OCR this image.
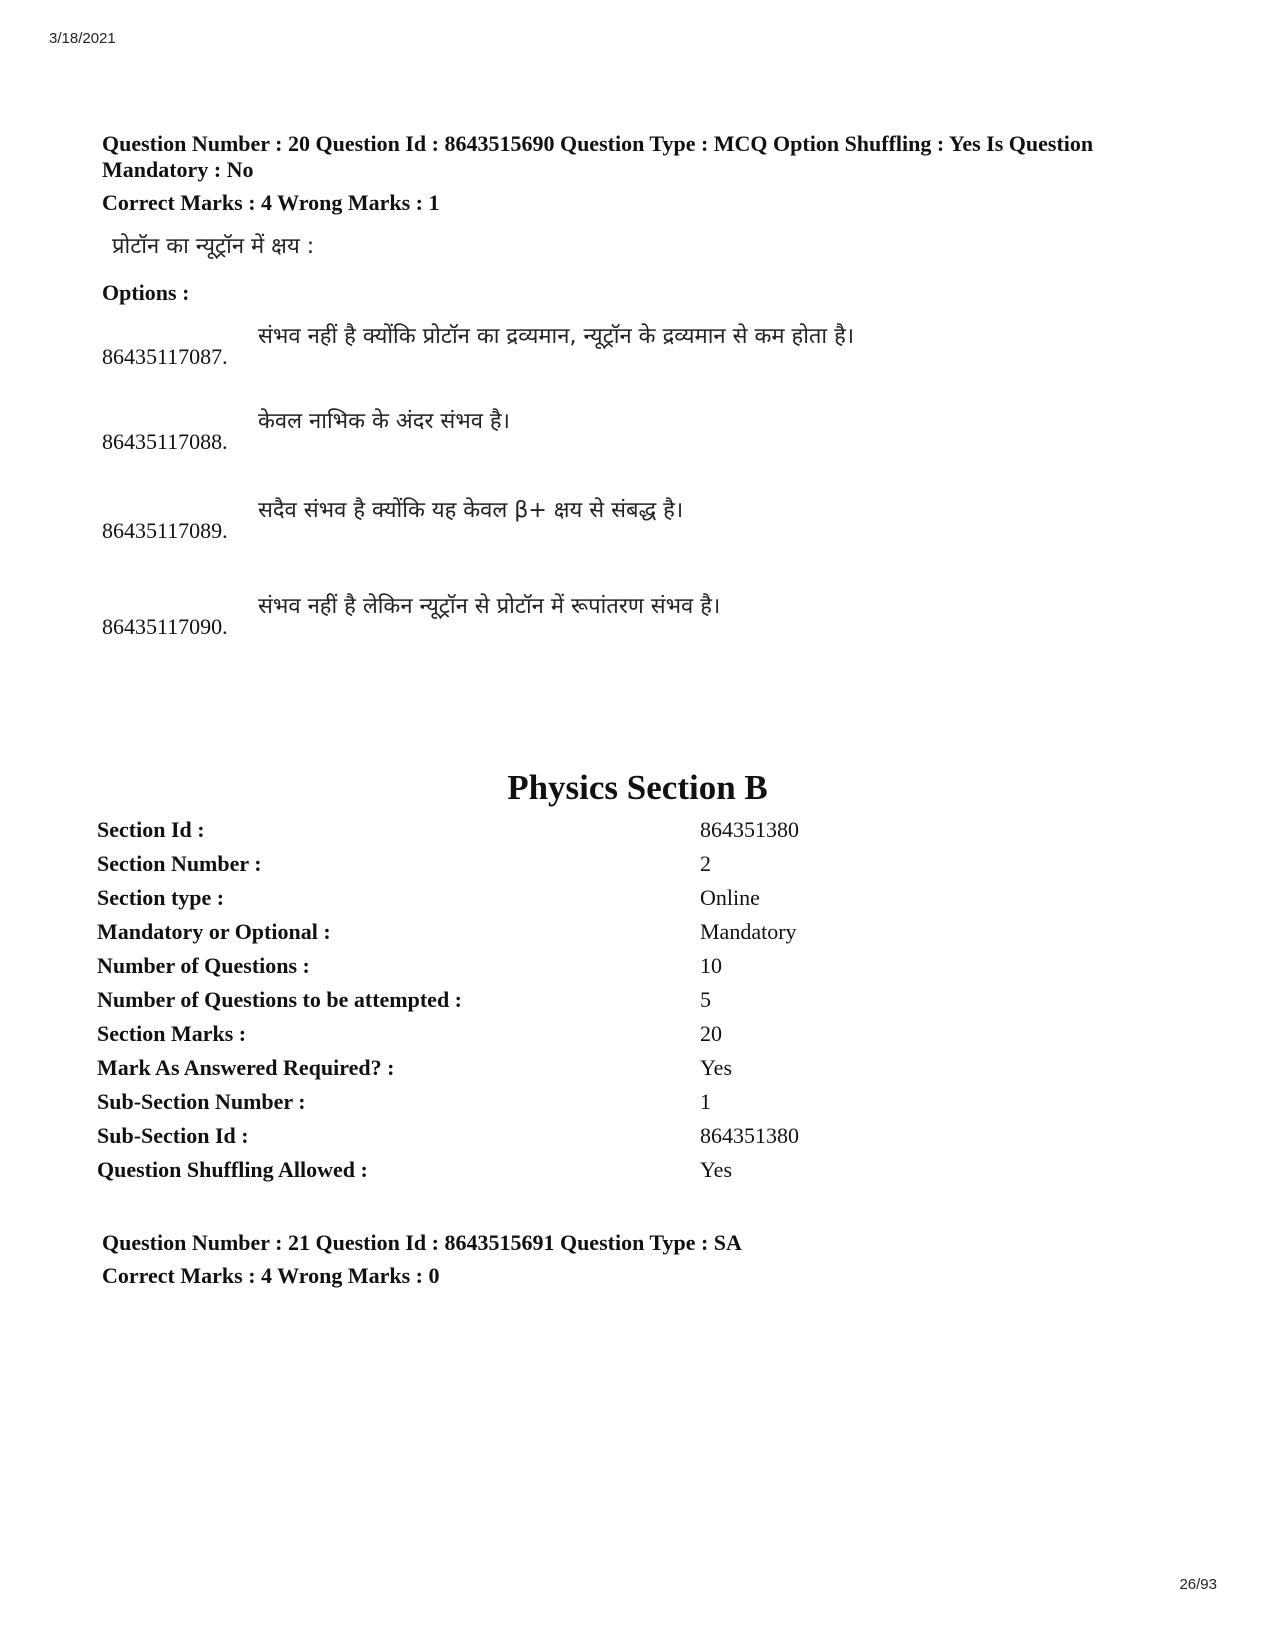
3/18/2021

Question Number : 20 Question Id : 8643515690 Question Type : MCQ Option Shuffling : Yes Is Question Mandatory : No

Correct Marks : 4 Wrong Marks : 1
प्रोटॉन का न्यूट्रॉन में क्षय :
Options :
86435117087.
संभव नहीं है क्योंकि प्रोटॉन का द्रव्यमान, न्यूट्रॉन के द्रव्यमान से कम होता है।
86435117088.
केवल नाभिक के अंदर संभव है।
86435117089.
सदैव संभव है क्योंकि यह केवल β+ क्षय से संबद्ध है।
86435117090.
संभव नहीं है लेकिन न्यूट्रॉन से प्रोटॉन में रूपांतरण संभव है।
Physics Section B
Section Id :	864351380
Section Number :	2
Section type :	Online
Mandatory or Optional :	Mandatory
Number of Questions :	10
Number of Questions to be attempted :	5
Section Marks :	20
Mark As Answered Required? :	Yes
Sub-Section Number :	1
Sub-Section Id :	864351380
Question Shuffling Allowed :	Yes

Question Number : 21 Question Id : 8643515691 Question Type : SA

Correct Marks : 4 Wrong Marks : 0
26/93
